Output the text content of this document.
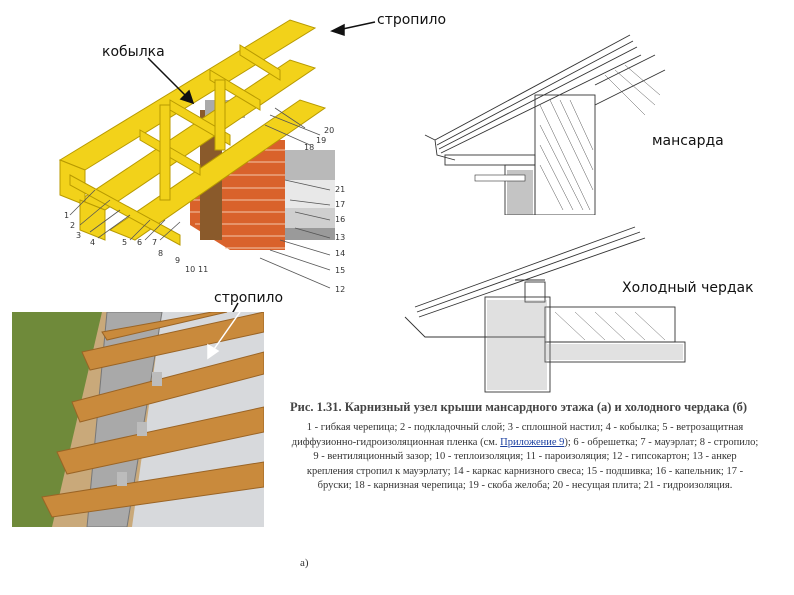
1
2
3
4	5 6 7
8
9
10 11
12
13
14
15
16
17
18
19
20
21
стропило
кобылка
мансарда
Холодный чердак
стропило
Рис. 1.31. Карнизный узел крыши мансардного этажа (а) и холодного чердака (б)
1 - гибкая черепица; 2 - подкладочный слой; 3 - сплошной настил; 4 - кобылка; 5 - ветрозащитная диффузионно-гидроизоляционная пленка (см. Приложение 9); 6 - обрешетка; 7 - мауэрлат; 8 - стропило; 9 - вентиляционный зазор; 10 - теплоизоляция; 11 - пароизоляция; 12 - гипсокартон; 13 - анкер крепления стропил к мауэрлату; 14 - каркас карнизного свеса; 15 - подшивка; 16 - капельник; 17 - бруски; 18 - карнизная черепица; 19 - скоба желоба; 20 - несущая плита; 21 - гидроизоляция.
а)
